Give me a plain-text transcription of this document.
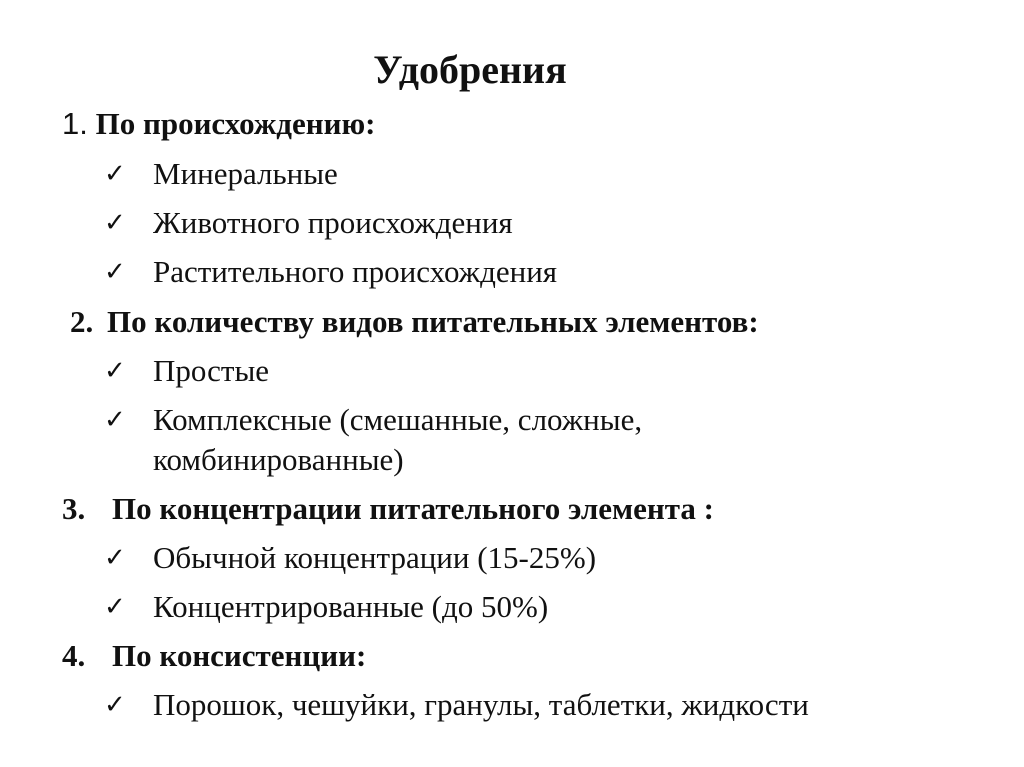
Удобрения
1. По происхождению:
✓ Минеральные
✓ Животного происхождения
✓ Растительного происхождения
2. По количеству видов питательных элементов:
✓ Простые
✓ Комплексные (смешанные, сложные,
комбинированные)
3. По концентрации питательного элемента :
✓ Обычной концентрации (15-25%)
✓ Концентрированные (до 50%)
4. По консистенции:
✓ Порошок, чешуйки, гранулы, таблетки, жидкости
